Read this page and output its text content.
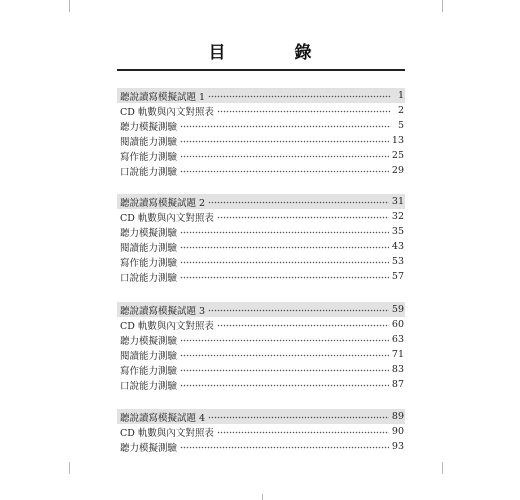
目　錄
聽說讀寫模擬試題 1	1
CD 軌數與內文對照表	2
聽力模擬測驗	5
閱讀能力測驗	13
寫作能力測驗	25
口說能力測驗	29
聽說讀寫模擬試題 2	31
CD 軌數與內文對照表	32
聽力模擬測驗	35
閱讀能力測驗	43
寫作能力測驗	53
口說能力測驗	57
聽說讀寫模擬試題 3	59
CD 軌數與內文對照表	60
聽力模擬測驗	63
閱讀能力測驗	71
寫作能力測驗	83
口說能力測驗	87
聽說讀寫模擬試題 4	89
CD 軌數與內文對照表	90
聽力模擬測驗	93
